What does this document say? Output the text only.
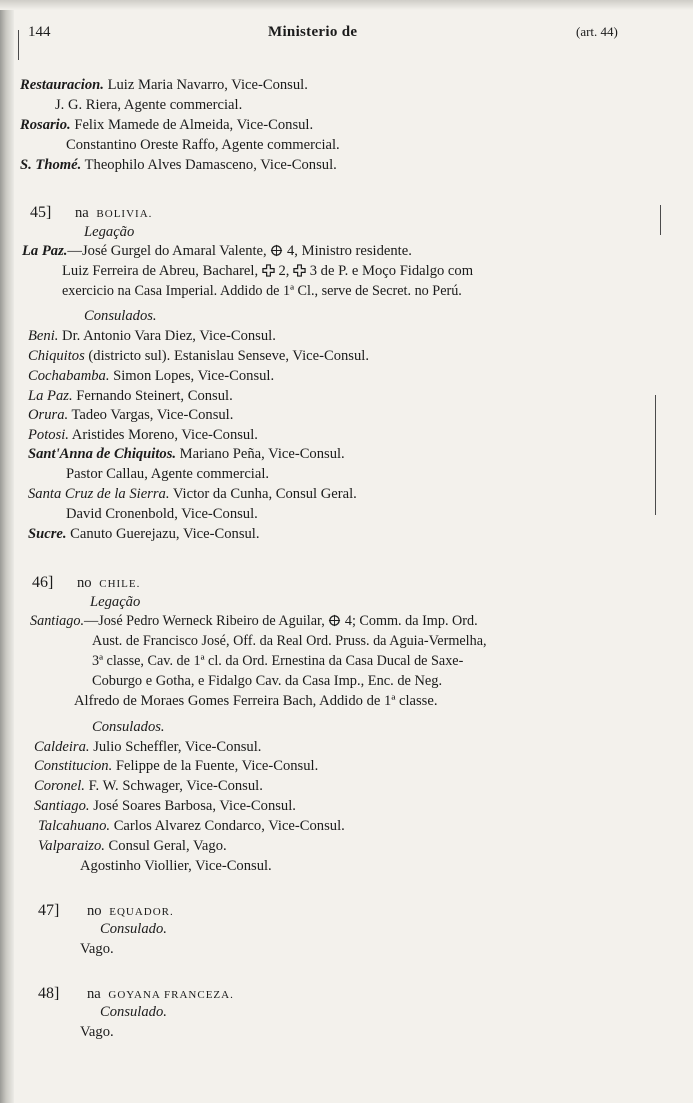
144	Ministerio de	(art. 44)
Restauracion. Luiz Maria Navarro, Vice-Consul.
J. G. Riera, Agente commercial.
Rosario. Felix Mamede de Almeida, Vice-Consul.
Constantino Oreste Raffo, Agente commercial.
S. Thomé. Theophilo Alves Damasceno, Vice-Consul.
45] na BOLIVIA.
Legação
La Paz.—José Gurgel do Amaral Valente, 4, Ministro residente.
Luiz Ferreira de Abreu, Bacharel, 2, 3 de P. e Moço Fidalgo com
exercicio na Casa Imperial. Addido de 1ª Cl., serve de Secret. no Perú.
Consulados.
Beni. Dr. Antonio Vara Diez, Vice-Consul.
Chiquitos (districto sul). Estanislau Senseve, Vice-Consul.
Cochabamba. Simon Lopes, Vice-Consul.
La Paz. Fernando Steinert, Consul.
Orura. Tadeo Vargas, Vice-Consul.
Potosi. Aristides Moreno, Vice-Consul.
Sant'Anna de Chiquitos. Mariano Peña, Vice-Consul.
Pastor Callau, Agente commercial.
Santa Cruz de la Sierra. Victor da Cunha, Consul Geral.
David Cronenbold, Vice-Consul.
Sucre. Canuto Guerejazu, Vice-Consul.
46] no CHILE.
Legação
Santiago.—José Pedro Werneck Ribeiro de Aguilar, 4; Comm. da Imp. Ord.
Aust. de Francisco José, Off. da Real Ord. Pruss. da Aguia-Vermelha,
3ª classe, Cav. de 1ª cl. da Ord. Ernestina da Casa Ducal de Saxe-
Coburgo e Gotha, e Fidalgo Cav. da Casa Imp., Enc. de Neg.
Alfredo de Moraes Gomes Ferreira Bach, Addido de 1ª classe.
Consulados.
Caldeira. Julio Scheffler, Vice-Consul.
Constitucion. Felippe de la Fuente, Vice-Consul.
Coronel. F. W. Schwager, Vice-Consul.
Santiago. José Soares Barbosa, Vice-Consul.
Talcahuano. Carlos Alvarez Condarco, Vice-Consul.
Valparaizo. Consul Geral, Vago.
Agostinho Viollier, Vice-Consul.
47] no EQUADOR.
Consulado.
Vago.
48] na GOYANA FRANCEZA.
Consulado.
Vago.
